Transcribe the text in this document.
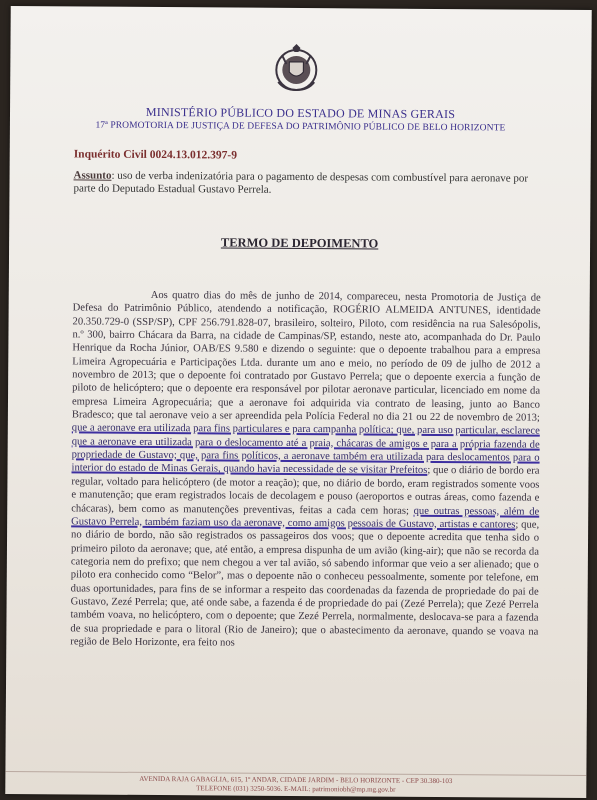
MINISTÉRIO PÚBLICO DO ESTADO DE MINAS GERAIS
17ª PROMOTORIA DE JUSTIÇA DE DEFESA DO PATRIMÔNIO PÚBLICO DE BELO HORIZONTE
Inquérito Civil 0024.13.012.397-9
Assunto: uso de verba indenizatória para o pagamento de despesas com combustível para aeronave por parte do Deputado Estadual Gustavo Perrela.
TERMO DE DEPOIMENTO

Aos quatro dias do mês de junho de 2014, compareceu, nesta Promotoria de Justiça de Defesa do Patrimônio Público, atendendo a notificação, ROGÉRIO ALMEIDA ANTUNES, identidade 20.350.729-0 (SSP/SP), CPF 256.791.828-07, brasileiro, solteiro, Piloto, com residência na rua Salesópolis, n.º 300, bairro Chácara da Barra, na cidade de Campinas/SP, estando, neste ato, acompanhada do Dr. Paulo Henrique da Rocha Júnior, OAB/ES 9.580 e dizendo o seguinte: que o depoente trabalhou para a empresa Limeira Agropecuária e Participações Ltda. durante um ano e meio, no período de 09 de julho de 2012 a novembro de 2013; que o depoente foi contratado por Gustavo Perrela; que o depoente exercia a função de piloto de helicóptero; que o depoente era responsável por pilotar aeronave particular, licenciado em nome da empresa Limeira Agropecuária; que a aeronave foi adquirida via contrato de leasing, junto ao Banco Bradesco; que tal aeronave veio a ser apreendida pela Polícia Federal no dia 21 ou 22 de novembro de 2013; que a aeronave era utilizada para fins particulares e para campanha política; que, para uso particular, esclarece que a aeronave era utilizada para o deslocamento até a praia, chácaras de amigos e para a própria fazenda de propriedade de Gustavo; que, para fins políticos, a aeronave também era utilizada para deslocamentos para o interior do estado de Minas Gerais, quando havia necessidade de se visitar Prefeitos; que o diário de bordo era regular, voltado para helicóptero (de motor a reação); que, no diário de bordo, eram registrados somente voos e manutenção; que eram registrados locais de decolagem e pouso (aeroportos e outras áreas, como fazenda e chácaras), bem como as manutenções preventivas, feitas a cada cem horas; que outras pessoas, além de Gustavo Perrela, também faziam uso da aeronave, como amigos pessoais de Gustavo, artistas e cantores; que, no diário de bordo, não são registrados os passageiros dos voos; que o depoente acredita que tenha sido o primeiro piloto da aeronave; que, até então, a empresa dispunha de um avião (king-air); que não se recorda da categoria nem do prefixo; que nem chegou a ver tal avião, só sabendo informar que veio a ser alienado; que o piloto era conhecido como “Belor”, mas o depoente não o conheceu pessoalmente, somente por telefone, em duas oportunidades, para fins de se informar a respeito das coordenadas da fazenda de propriedade do pai de Gustavo, Zezé Perrela; que, até onde sabe, a fazenda é de propriedade do pai (Zezé Perrela); que Zezé Perrela também voava, no helicóptero, com o depoente; que Zezé Perrela, normalmente, deslocava-se para a fazenda de sua propriedade e para o litoral (Rio de Janeiro); que o abastecimento da aeronave, quando se voava na região de Belo Horizonte, era feito nos

AVENIDA RAJA GABAGLIA, 615, 1º ANDAR, CIDADE JARDIM - BELO HORIZONTE - CEP 30.380-103
TELEFONE (031) 3250-5036. E-MAIL: patrimoniobh@mp.mg.gov.br
